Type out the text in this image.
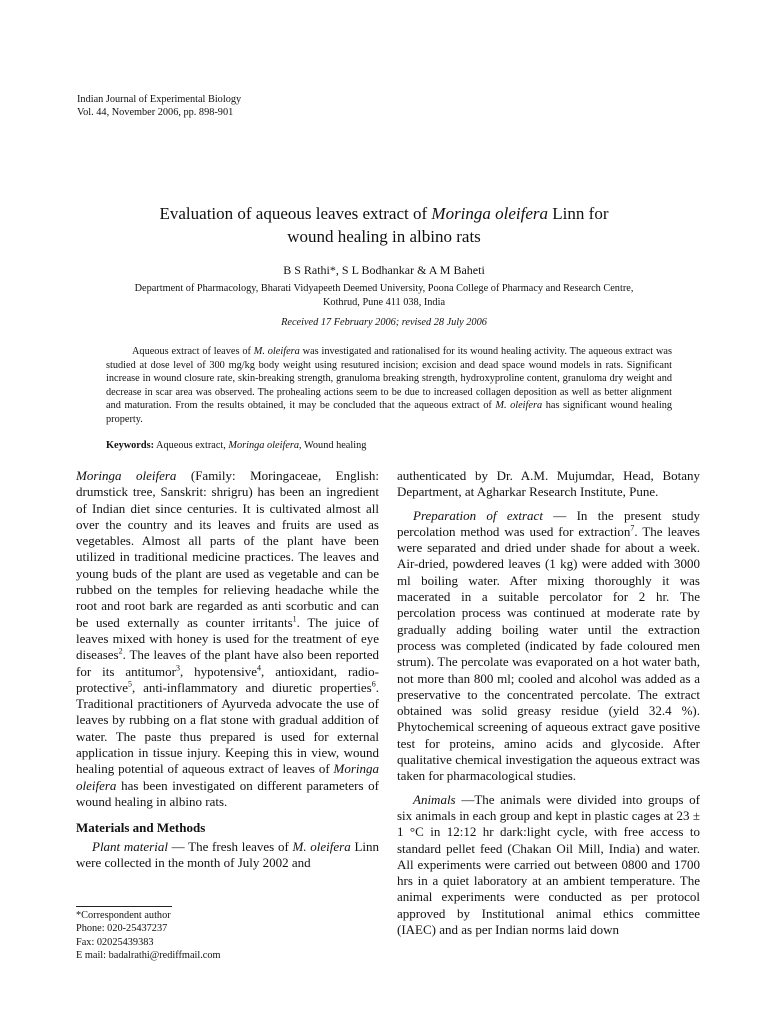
Indian Journal of Experimental Biology
Vol. 44, November 2006, pp. 898-901
Evaluation of aqueous leaves extract of Moringa oleifera Linn for
wound healing in albino rats
B S Rathi*, S L Bodhankar & A M Baheti
Department of Pharmacology, Bharati Vidyapeeth Deemed University, Poona College of Pharmacy and Research Centre,
Kothrud, Pune 411 038, India
Received 17 February 2006; revised 28 July 2006
Aqueous extract of leaves of M. oleifera was investigated and rationalised for its wound healing activity. The aqueous extract was studied at dose level of 300 mg/kg body weight using resutured incision; excision and dead space wound models in rats. Significant increase in wound closure rate, skin-breaking strength, granuloma breaking strength, hydroxyproline content, granuloma dry weight and decrease in scar area was observed. The prohealing actions seem to be due to increased collagen deposition as well as better alignment and maturation. From the results obtained, it may be concluded that the aqueous extract of M. oleifera has significant wound healing property.
Keywords: Aqueous extract, Moringa oleifera, Wound healing

Moringa oleifera (Family: Moringaceae, English: drumstick tree, Sanskrit: shrigru) has been an ingredient of Indian diet since centuries. It is cultivated almost all over the country and its leaves and fruits are used as vegetables. Almost all parts of the plant have been utilized in traditional medicine practices. The leaves and young buds of the plant are used as vegetable and can be rubbed on the temples for relieving headache while the root and root bark are regarded as anti scorbutic and can be used externally as counter irritants$^1$. The juice of leaves mixed with honey is used for the treatment of eye diseases$^2$. The leaves of the plant have also been reported for its antitumor$^3$, hypotensive$^4$, antioxidant, radio-protective$^5$, anti-inflammatory and diuretic properties$^6$. Traditional practitioners of Ayurveda advocate the use of leaves by rubbing on a flat stone with gradual addition of water. The paste thus prepared is used for external application in tissue injury. Keeping this in view, wound healing potential of aqueous extract of leaves of Moringa oleifera has been investigated on different parameters of wound healing in albino rats.

Materials and Methods

Plant material — The fresh leaves of M. oleifera Linn were collected in the month of July 2002 and

*Correspondent author
Phone: 020-25437237
Fax: 02025439383
E mail: badalrathi@rediffmail.com

authenticated by Dr. A.M. Mujumdar, Head, Botany Department, at Agharkar Research Institute, Pune.

Preparation of extract — In the present study percolation method was used for extraction$^7$. The leaves were separated and dried under shade for about a week. Air-dried, powdered leaves (1 kg) were added with 3000 ml boiling water. After mixing thoroughly it was macerated in a suitable percolator for 2 hr. The percolation process was continued at moderate rate by gradually adding boiling water until the extraction process was completed (indicated by fade coloured men strum). The percolate was evaporated on a hot water bath, not more than 800 ml; cooled and alcohol was added as a preservative to the concentrated percolate. The extract obtained was solid greasy residue (yield 32.4 %). Phytochemical screening of aqueous extract gave positive test for proteins, amino acids and glycoside. After qualitative chemical investigation the aqueous extract was taken for pharmacological studies.

Animals —The animals were divided into groups of six animals in each group and kept in plastic cages at 23 ± 1 °C in 12:12 hr dark:light cycle, with free access to standard pellet feed (Chakan Oil Mill, India) and water. All experiments were carried out between 0800 and 1700 hrs in a quiet laboratory at an ambient temperature. The animal experiments were conducted as per protocol approved by Institutional animal ethics committee (IAEC) and as per Indian norms laid down
